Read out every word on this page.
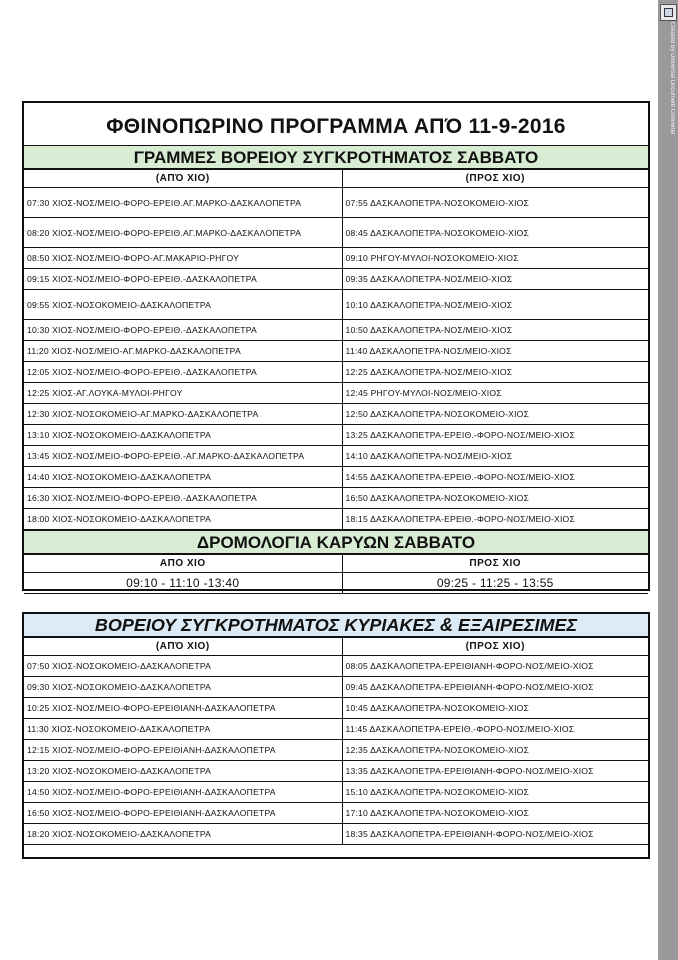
Created by Universal Document Converter
ΦΘΙΝΟΠΩΡΙΝΟ ΠΡΟΓΡΑΜΜΑ ΑΠΌ 11-9-2016
ΓΡΑΜΜΕΣ ΒΟΡΕΙΟΥ ΣΥΓΚΡΟΤΗΜΑΤΟΣ ΣΑΒΒΑΤΟ
(ΑΠΌ ΧΙΟ)	(ΠΡΟΣ ΧΙΟ)
07:30 ΧΙΟΣ-ΝΟΣ/ΜΕΙΟ-ΦΟΡΟ-ΕΡΕΙΘ.ΑΓ.ΜΑΡΚΟ-ΔΑΣΚΑΛΟΠΕΤΡΑ	07:55 ΔΑΣΚΑΛΟΠΕΤΡΑ-ΝΟΣΟΚΟΜΕΙΟ-ΧΙΟΣ
08:20 ΧΙΟΣ-ΝΟΣ/ΜΕΙΟ-ΦΟΡΟ-ΕΡΕΙΘ.ΑΓ.ΜΑΡΚΟ-ΔΑΣΚΑΛΟΠΕΤΡΑ	08:45 ΔΑΣΚΑΛΟΠΕΤΡΑ-ΝΟΣΟΚΟΜΕΙΟ-ΧΙΟΣ
08:50 ΧΙΟΣ-ΝΟΣ/ΜΕΙΟ-ΦΟΡΟ-ΑΓ.ΜΑΚΑΡΙΟ-ΡΗΓΟΥ	09:10 ΡΗΓΟΥ-ΜΥΛΟΙ-ΝΟΣΟΚΟΜΕΙΟ-ΧΙΟΣ
09:15 ΧΙΟΣ-ΝΟΣ/ΜΕΙΟ-ΦΟΡΟ-ΕΡΕΙΘ.-ΔΑΣΚΑΛΟΠΕΤΡΑ	09:35 ΔΑΣΚΑΛΟΠΕΤΡΑ-ΝΟΣ/ΜΕΙΟ-ΧΙΟΣ
09:55 ΧΙΟΣ-ΝΟΣΟΚΟΜΕΙΟ-ΔΑΣΚΑΛΟΠΕΤΡΑ	10:10 ΔΑΣΚΑΛΟΠΕΤΡΑ-ΝΟΣ/ΜΕΙΟ-ΧΙΟΣ
10:30 ΧΙΟΣ-ΝΟΣ/ΜΕΙΟ-ΦΟΡΟ-ΕΡΕΙΘ.-ΔΑΣΚΑΛΟΠΕΤΡΑ	10:50 ΔΑΣΚΑΛΟΠΕΤΡΑ-ΝΟΣ/ΜΕΙΟ-ΧΙΟΣ
11:20 ΧΙΟΣ-ΝΟΣ/ΜΕΙΟ-ΑΓ.ΜΑΡΚΟ-ΔΑΣΚΑΛΟΠΕΤΡΑ	11:40 ΔΑΣΚΑΛΟΠΕΤΡΑ-ΝΟΣ/ΜΕΙΟ-ΧΙΟΣ
12:05 ΧΙΟΣ-ΝΟΣ/ΜΕΙΟ-ΦΟΡΟ-ΕΡΕΙΘ.-ΔΑΣΚΑΛΟΠΕΤΡΑ	12:25 ΔΑΣΚΑΛΟΠΕΤΡΑ-ΝΟΣ/ΜΕΙΟ-ΧΙΟΣ
12:25 ΧΙΟΣ-ΑΓ.ΛΟΥΚΑ-ΜΥΛΟΙ-ΡΗΓΟΥ	12:45 ΡΗΓΟΥ-ΜΥΛΟΙ-ΝΟΣ/ΜΕΙΟ-ΧΙΟΣ
12:30 ΧΙΟΣ-ΝΟΣΟΚΟΜΕΙΟ-ΑΓ.ΜΑΡΚΟ-ΔΑΣΚΑΛΟΠΕΤΡΑ	12:50 ΔΑΣΚΑΛΟΠΕΤΡΑ-ΝΟΣΟΚΟΜΕΙΟ-ΧΙΟΣ
13:10 ΧΙΟΣ-ΝΟΣΟΚΟΜΕΙΟ-ΔΑΣΚΑΛΟΠΕΤΡΑ	13:25 ΔΑΣΚΑΛΟΠΕΤΡΑ-ΕΡΕΙΘ.-ΦΟΡΟ-ΝΟΣ/ΜΕΙΟ-ΧΙΟΣ
13:45 ΧΙΟΣ-ΝΟΣ/ΜΕΙΟ-ΦΟΡΟ-ΕΡΕΙΘ.-ΑΓ.ΜΑΡΚΟ-ΔΑΣΚΑΛΟΠΕΤΡΑ	14:10 ΔΑΣΚΑΛΟΠΕΤΡΑ-ΝΟΣ/ΜΕΙΟ-ΧΙΟΣ
14:40 ΧΙΟΣ-ΝΟΣΟΚΟΜΕΙΟ-ΔΑΣΚΑΛΟΠΕΤΡΑ	14:55 ΔΑΣΚΑΛΟΠΕΤΡΑ-ΕΡΕΙΘ.-ΦΟΡΟ-ΝΟΣ/ΜΕΙΟ-ΧΙΟΣ
16:30 ΧΙΟΣ-ΝΟΣ/ΜΕΙΟ-ΦΟΡΟ-ΕΡΕΙΘ.-ΔΑΣΚΑΛΟΠΕΤΡΑ	16:50 ΔΑΣΚΑΛΟΠΕΤΡΑ-ΝΟΣΟΚΟΜΕΙΟ-ΧΙΟΣ
18:00 ΧΙΟΣ-ΝΟΣΟΚΟΜΕΙΟ-ΔΑΣΚΑΛΟΠΕΤΡΑ	18:15 ΔΑΣΚΑΛΟΠΕΤΡΑ-ΕΡΕΙΘ.-ΦΟΡΟ-ΝΟΣ/ΜΕΙΟ-ΧΙΟΣ
ΔΡΟΜΟΛΟΓΙΑ ΚΑΡΥΩΝ ΣΑΒΒΑΤΟ
ΑΠΟ ΧΙΟ	ΠΡΟΣ ΧΙΟ
09:10 - 11:10 -13:40	09:25 - 11:25 - 13:55
ΒΟΡΕΙΟΥ ΣΥΓΚΡΟΤΗΜΑΤΟΣ ΚΥΡΙΑΚΕΣ & ΕΞΑΙΡΕΣΙΜΕΣ
(ΑΠΌ ΧΙΟ)	(ΠΡΟΣ ΧΙΟ)
07:50 ΧΙΟΣ-ΝΟΣΟΚΟΜΕΙΟ-ΔΑΣΚΑΛΟΠΕΤΡΑ	08:05 ΔΑΣΚΑΛΟΠΕΤΡΑ-ΕΡΕΙΘΙΑΝΗ-ΦΟΡΟ-ΝΟΣ/ΜΕΙΟ-ΧΙΟΣ
09:30 ΧΙΟΣ-ΝΟΣΟΚΟΜΕΙΟ-ΔΑΣΚΑΛΟΠΕΤΡΑ	09:45 ΔΑΣΚΑΛΟΠΕΤΡΑ-ΕΡΕΙΘΙΑΝΗ-ΦΟΡΟ-ΝΟΣ/ΜΕΙΟ-ΧΙΟΣ
10:25 ΧΙΟΣ-ΝΟΣ/ΜΕΙΟ-ΦΟΡΟ-ΕΡΕΙΘΙΑΝΗ-ΔΑΣΚΑΛΟΠΕΤΡΑ	10:45 ΔΑΣΚΑΛΟΠΕΤΡΑ-ΝΟΣΟΚΟΜΕΙΟ-ΧΙΟΣ
11:30 ΧΙΟΣ-ΝΟΣΟΚΟΜΕΙΟ-ΔΑΣΚΑΛΟΠΕΤΡΑ	11:45 ΔΑΣΚΑΛΟΠΕΤΡΑ-ΕΡΕΙΘ.-ΦΟΡΟ-ΝΟΣ/ΜΕΙΟ-ΧΙΟΣ
12:15 ΧΙΟΣ-ΝΟΣ/ΜΕΙΟ-ΦΟΡΟ-ΕΡΕΙΘΙΑΝΗ-ΔΑΣΚΑΛΟΠΕΤΡΑ	12:35 ΔΑΣΚΑΛΟΠΕΤΡΑ-ΝΟΣΟΚΟΜΕΙΟ-ΧΙΟΣ
13:20 ΧΙΟΣ-ΝΟΣΟΚΟΜΕΙΟ-ΔΑΣΚΑΛΟΠΕΤΡΑ	13:35 ΔΑΣΚΑΛΟΠΕΤΡΑ-ΕΡΕΙΘΙΑΝΗ-ΦΟΡΟ-ΝΟΣ/ΜΕΙΟ-ΧΙΟΣ
14:50 ΧΙΟΣ-ΝΟΣ/ΜΕΙΟ-ΦΟΡΟ-ΕΡΕΙΘΙΑΝΗ-ΔΑΣΚΑΛΟΠΕΤΡΑ	15:10 ΔΑΣΚΑΛΟΠΕΤΡΑ-ΝΟΣΟΚΟΜΕΙΟ-ΧΙΟΣ
16:50 ΧΙΟΣ-ΝΟΣ/ΜΕΙΟ-ΦΟΡΟ-ΕΡΕΙΘΙΑΝΗ-ΔΑΣΚΑΛΟΠΕΤΡΑ	17:10 ΔΑΣΚΑΛΟΠΕΤΡΑ-ΝΟΣΟΚΟΜΕΙΟ-ΧΙΟΣ
18:20 ΧΙΟΣ-ΝΟΣΟΚΟΜΕΙΟ-ΔΑΣΚΑΛΟΠΕΤΡΑ	18:35 ΔΑΣΚΑΛΟΠΕΤΡΑ-ΕΡΕΙΘΙΑΝΗ-ΦΟΡΟ-ΝΟΣ/ΜΕΙΟ-ΧΙΟΣ
